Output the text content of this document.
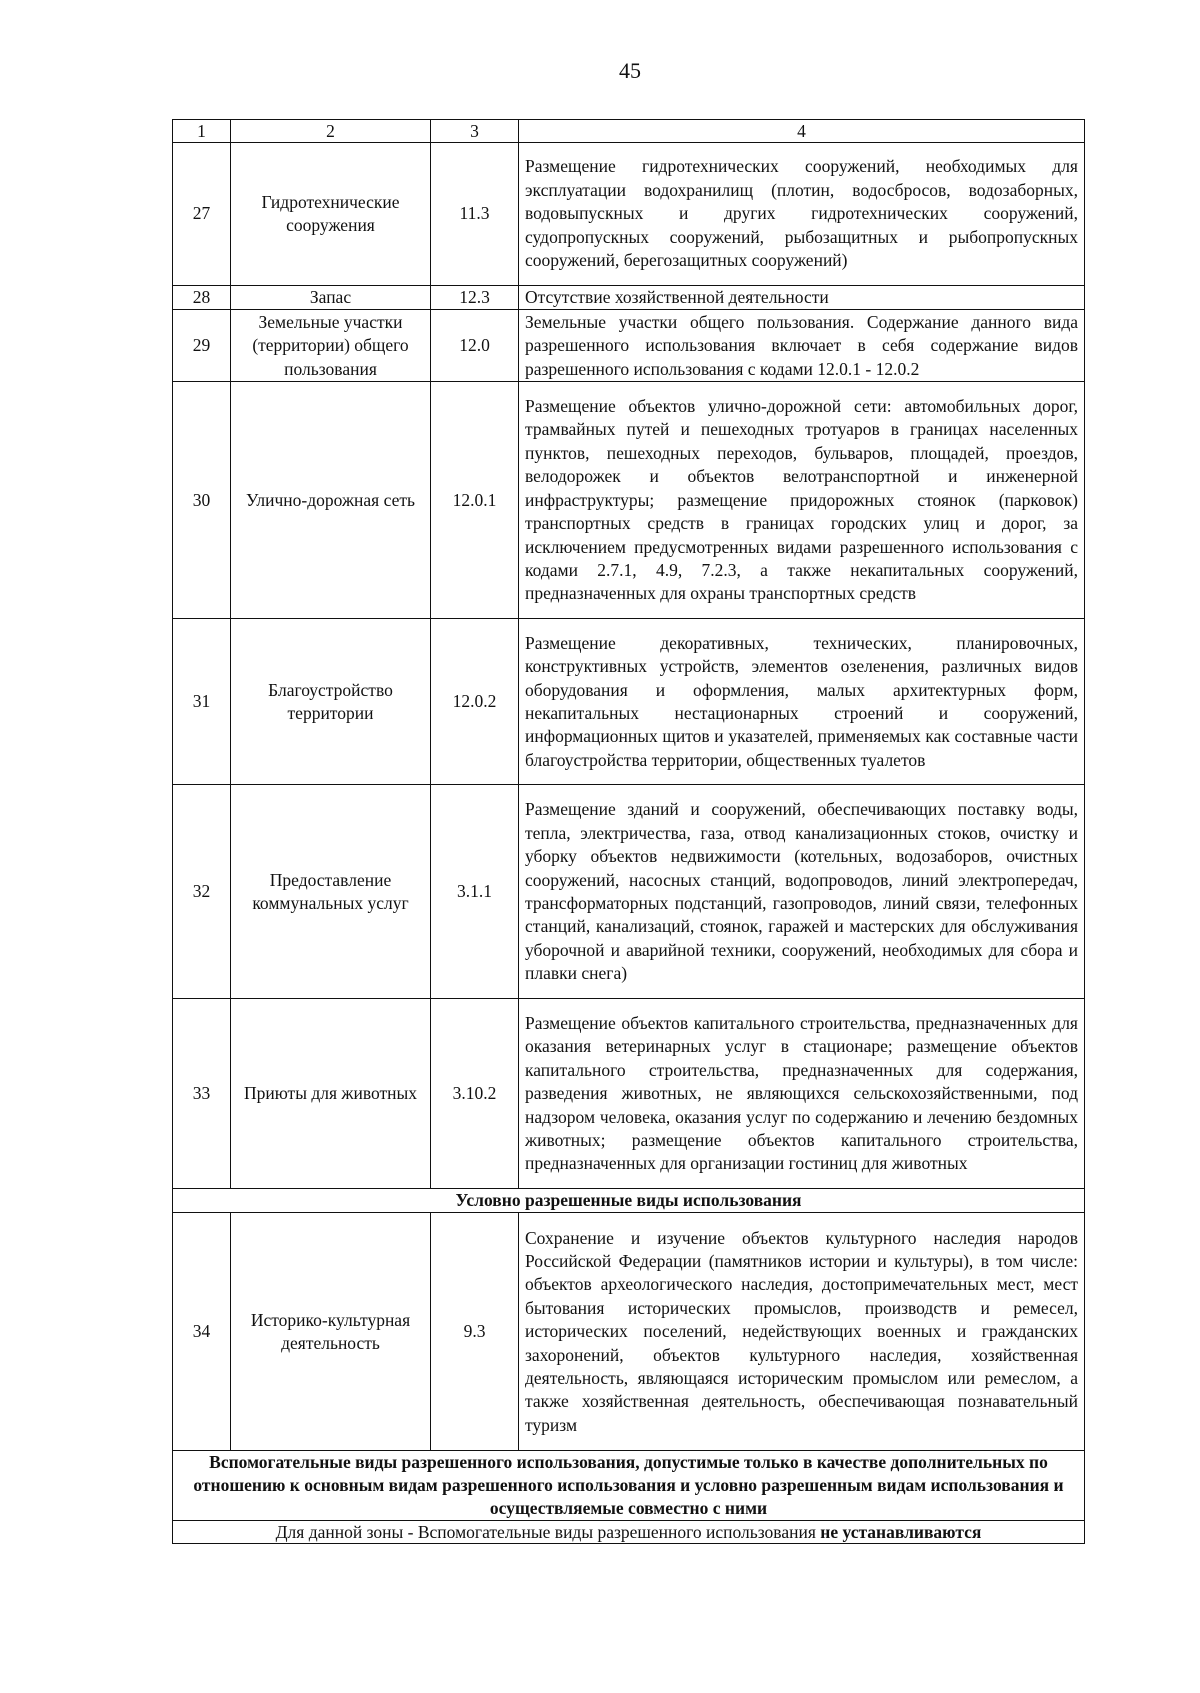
45
1	2	3	4
27	Гидротехнические сооружения	11.3	Размещение гидротехнических сооружений, необходимых для эксплуатации водохранилищ (плотин, водосбросов, водозаборных, водовыпускных и других гидротехнических сооружений, судопропускных сооружений, рыбозащитных и рыбопропускных сооружений, берегозащитных сооружений)
28	Запас	12.3	Отсутствие хозяйственной деятельности
29	Земельные участки (территории) общего пользования	12.0	Земельные участки общего пользования. Содержание данного вида разрешенного использования включает в себя содержание видов разрешенного использования с кодами 12.0.1 - 12.0.2
30	Улично-дорожная сеть	12.0.1	Размещение объектов улично-дорожной сети: автомобильных дорог, трамвайных путей и пешеходных тротуаров в границах населенных пунктов, пешеходных переходов, бульваров, площадей, проездов, велодорожек и объектов велотранспортной и инженерной инфраструктуры; размещение придорожных стоянок (парковок) транспортных средств в границах городских улиц и дорог, за исключением предусмотренных видами разрешенного использования с кодами 2.7.1, 4.9, 7.2.3, а также некапитальных сооружений, предназначенных для охраны транспортных средств
31	Благоустройство территории	12.0.2	Размещение декоративных, технических, планировочных, конструктивных устройств, элементов озеленения, различных видов оборудования и оформления, малых архитектурных форм, некапитальных нестационарных строений и сооружений, информационных щитов и указателей, применяемых как составные части благоустройства территории, общественных туалетов
32	Предоставление коммунальных услуг	3.1.1	Размещение зданий и сооружений, обеспечивающих поставку воды, тепла, электричества, газа, отвод канализационных стоков, очистку и уборку объектов недвижимости (котельных, водозаборов, очистных сооружений, насосных станций, водопроводов, линий электропередач, трансформаторных подстанций, газопроводов, линий связи, телефонных станций, канализаций, стоянок, гаражей и мастерских для обслуживания уборочной и аварийной техники, сооружений, необходимых для сбора и плавки снега)
33	Приюты для животных	3.10.2	Размещение объектов капитального строительства, предназначенных для оказания ветеринарных услуг в стационаре; размещение объектов капитального строительства, предназначенных для содержания, разведения животных, не являющихся сельскохозяйственными, под надзором человека, оказания услуг по содержанию и лечению бездомных животных; размещение объектов капитального строительства, предназначенных для организации гостиниц для животных
Условно разрешенные виды использования			
34	Историко-культурная деятельность	9.3	Сохранение и изучение объектов культурного наследия народов Российской Федерации (памятников истории и культуры), в том числе: объектов археологического наследия, достопримечательных мест, мест бытования исторических промыслов, производств и ремесел, исторических поселений, недействующих военных и гражданских захоронений, объектов культурного наследия, хозяйственная деятельность, являющаяся историческим промыслом или ремеслом, а также хозяйственная деятельность, обеспечивающая познавательный туризм
Вспомогательные виды разрешенного использования, допустимые только в качестве дополнительных по отношению к основным видам разрешенного использования и условно разрешенным видам использования и осуществляемые совместно с ними			
Для данной зоны - Вспомогательные виды разрешенного использования не устанавливаются			
